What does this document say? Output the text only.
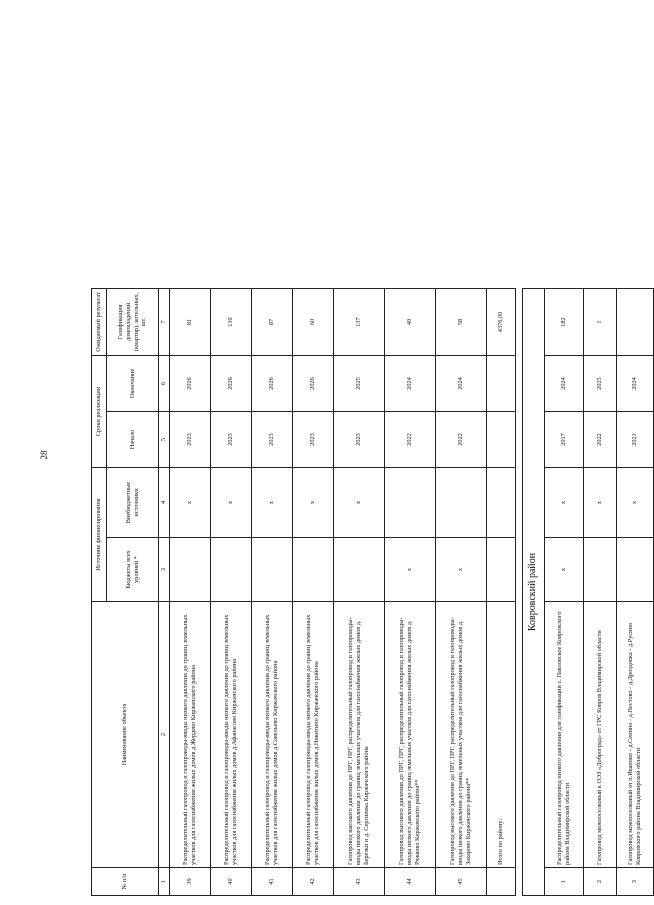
28
№ п/п	Наименование объекта	Источник финансирования		Сроки реализации		Ожидаемый результат
		Бюджеты всех уровней *	Внебюджетные источники	Начало	Окончание	Газификация домовладений (квартир), котельных, шт.
1	2	3	4	5	6	7
39	Распределительный газопровод и газопроводы-вводы низкого давления до границ земельных участков для газоснабжения жилых домов д.Жердево Киржачского района		x	2023	2026	81
40	Распределительный газопровод и газопроводы-вводы низкого давления до границ земельных участков для газоснабжения жилых домов д.Афанасово Киржачского района		x	2023	2026	130
41	Распределительный газопровод и газопроводы-вводы низкого давления до границ земельных участков для газоснабжения жилых домов д.Савельево Киржачского района		x	2023	2026	87
42	Распределительный газопровод и газопроводы-вводы низкого давления до границ земельных участков для газоснабжения жилых домов д.Никитино Киржачского района		x	2023	2026	60
43	Газопровод высокого давления до ПРГ, ПРГ, распределительный газопровод и газопроводы-вводы низкого давления до границ земельных участков для газоснабжения жилых домов д. Березки и д. Сергиевка Киржачского района		x	2023	2025	137
44	Газопровод высокого давления до ПРГ, ПРГ, распределительный газопровод и газопроводы-вводы низкого давления до границ земельных участков для газоснабжения жилых домов д. Ряжково Киржачского района**	x		2022	2024	49
45	Газопровод высокого давления до ПРГ, ПРГ, распределительный газопровод и газопроводы-вводы низкого давления до границ земельных участков для газоснабжения жилых домов д. Захарово Киржачского района**	x		2022	2024	58
	Итого по району:					4376,00

Ковровский район						
1	Распределительный газопровод низкого давления для газификации с. Павловское Ковровского района Владимирской области	x	x	2017	2024	182
2	Газопровод межпоселковый к ОЭЗ «Доброград» от ГРС Ковров Владимирской области		x	2022	2025	1
3	Газопровод межпоселковый от п.Иваново - д.Сенино - д.Пестово - д.Дроздовка - д.Русино Ковровского района Владимирской области		x	2021	2024	
